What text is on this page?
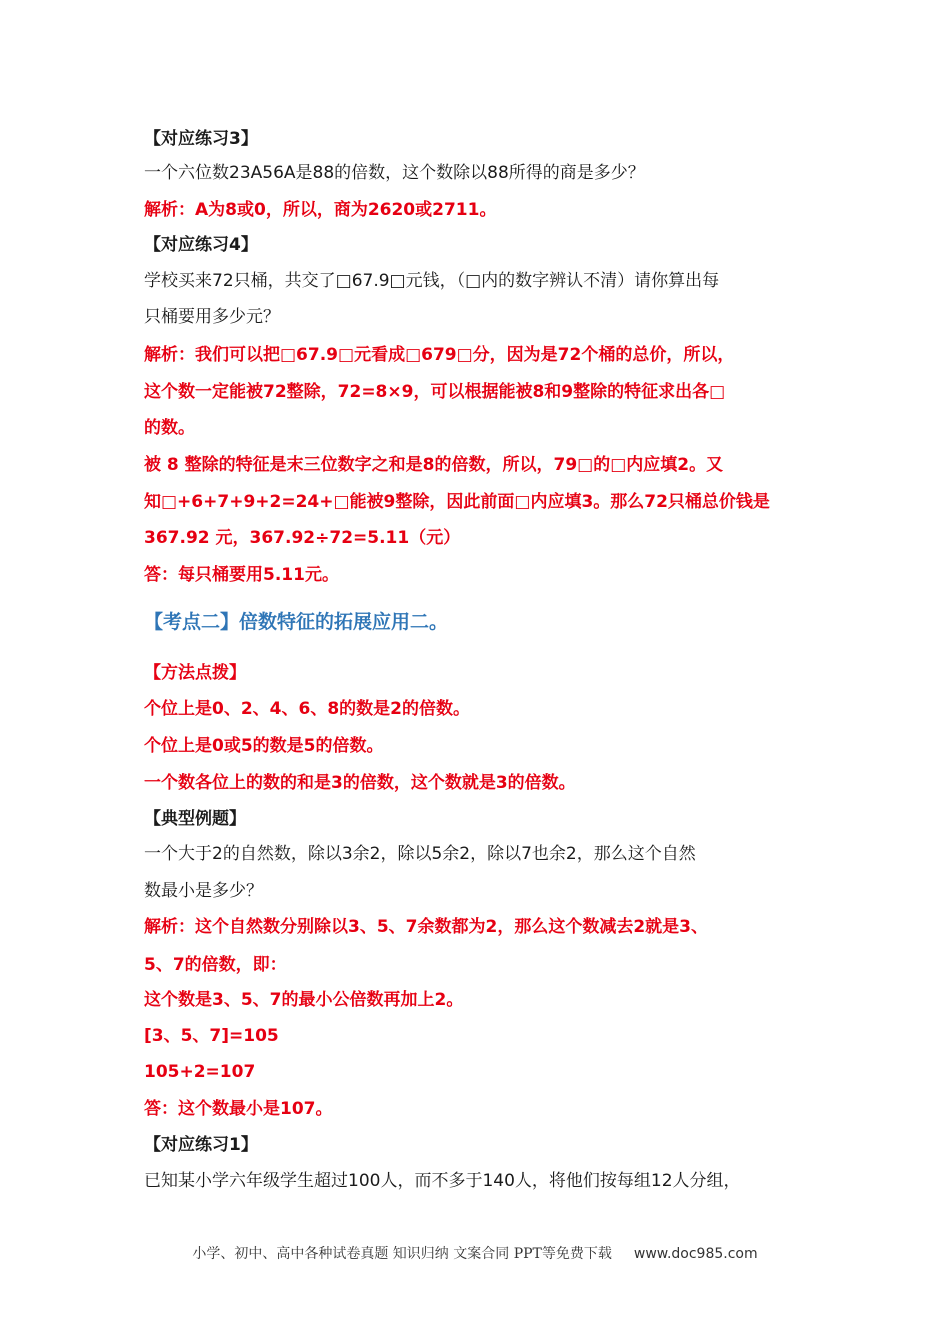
【对应练习3】
一个六位数23A56A是88的倍数，这个数除以88所得的商是多少？
解析：A为8或0，所以，商为2620或2711。
【对应练习4】
学校买来72只桶，共交了□67.9□元钱，（□内的数字辨认不清）请你算出每
只桶要用多少元？
解析：我们可以把□67.9□元看成□679□分，因为是72个桶的总价，所以，
这个数一定能被72整除，72=8×9，可以根据能被8和9整除的特征求出各□
的数。
被 8 整除的特征是末三位数字之和是8的倍数，所以，79□的□内应填2。又
知□+6+7+9+2=24+□能被9整除，因此前面□内应填3。那么72只桶总价钱是
367.92 元，367.92÷72=5.11（元）
答：每只桶要用5.11元。
【考点二】倍数特征的拓展应用二。
【方法点拨】
个位上是0、2、4、6、8的数是2的倍数。
个位上是0或5的数是5的倍数。
一个数各位上的数的和是3的倍数，这个数就是3的倍数。
【典型例题】
一个大于2的自然数，除以3余2，除以5余2，除以7也余2，那么这个自然
数最小是多少？
解析：这个自然数分别除以3、5、7余数都为2，那么这个数减去2就是3、
5、7的倍数，即：
这个数是3、5、7的最小公倍数再加上2。
[3、5、7]=105
105+2=107
答：这个数最小是107。
【对应练习1】
已知某小学六年级学生超过100人，而不多于140人，将他们按每组12人分组，
小学、初中、高中各种试卷真题 知识归纳 文案合同 PPT等免费下载 www.doc985.com
